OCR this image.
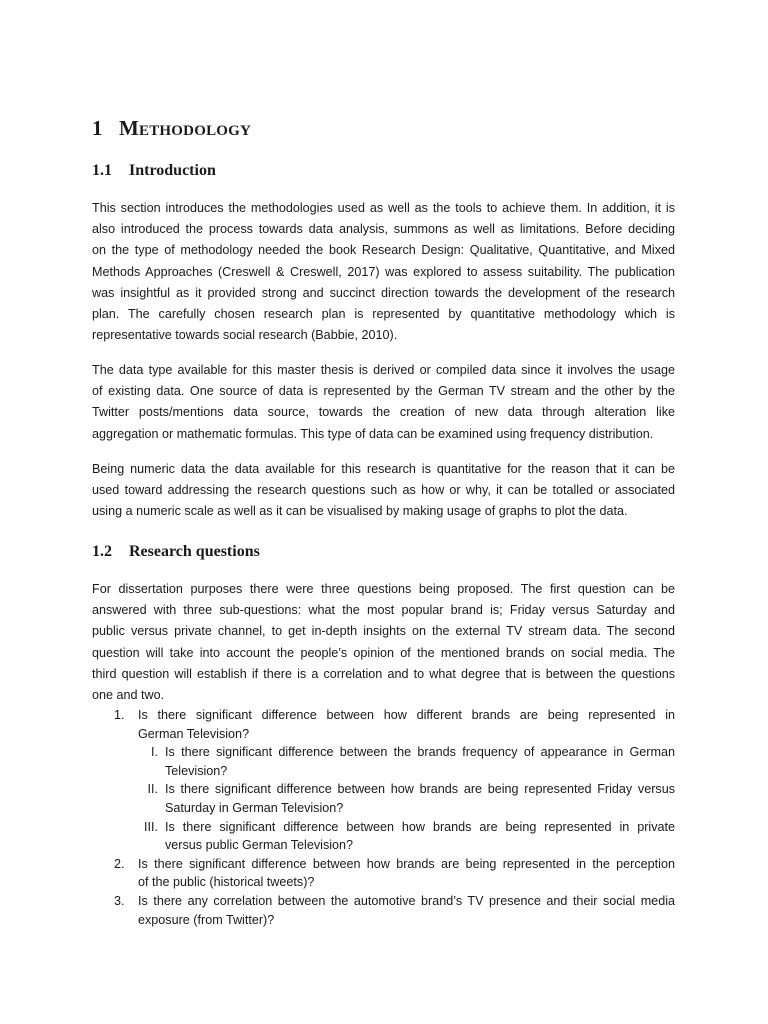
1 Methodology
1.1 Introduction
This section introduces the methodologies used as well as the tools to achieve them. In addition, it is
also introduced the process towards data analysis, summons as well as limitations. Before deciding
on the type of methodology needed the book Research Design: Qualitative, Quantitative, and Mixed
Methods Approaches (Creswell & Creswell, 2017) was explored to assess suitability. The publication
was insightful as it provided strong and succinct direction towards the development of the research
plan. The carefully chosen research plan is represented by quantitative methodology which is
representative towards social research (Babbie, 2010).
The data type available for this master thesis is derived or compiled data since it involves the usage
of existing data. One source of data is represented by the German TV stream and the other by the
Twitter posts/mentions data source, towards the creation of new data through alteration like
aggregation or mathematic formulas. This type of data can be examined using frequency distribution.
Being numeric data the data available for this research is quantitative for the reason that it can be
used toward addressing the research questions such as how or why, it can be totalled or associated
using a numeric scale as well as it can be visualised by making usage of graphs to plot the data.
1.2 Research questions
For dissertation purposes there were three questions being proposed. The first question can be
answered with three sub-questions: what the most popular brand is; Friday versus Saturday and
public versus private channel, to get in-depth insights on the external TV stream data. The second
question will take into account the people’s opinion of the mentioned brands on social media. The
third question will establish if there is a correlation and to what degree that is between the questions
one and two.
1.	Is there significant difference between how different brands are being represented in
German Television?
I. Is there significant difference between the brands frequency of appearance in German
Television?
II. Is there significant difference between how brands are being represented Friday versus
Saturday in German Television?
III. Is there significant difference between how brands are being represented in private
versus public German Television?
2.	Is there significant difference between how brands are being represented in the perception
of the public (historical tweets)?
3.	Is there any correlation between the automotive brand’s TV presence and their social media
exposure (from Twitter)?
